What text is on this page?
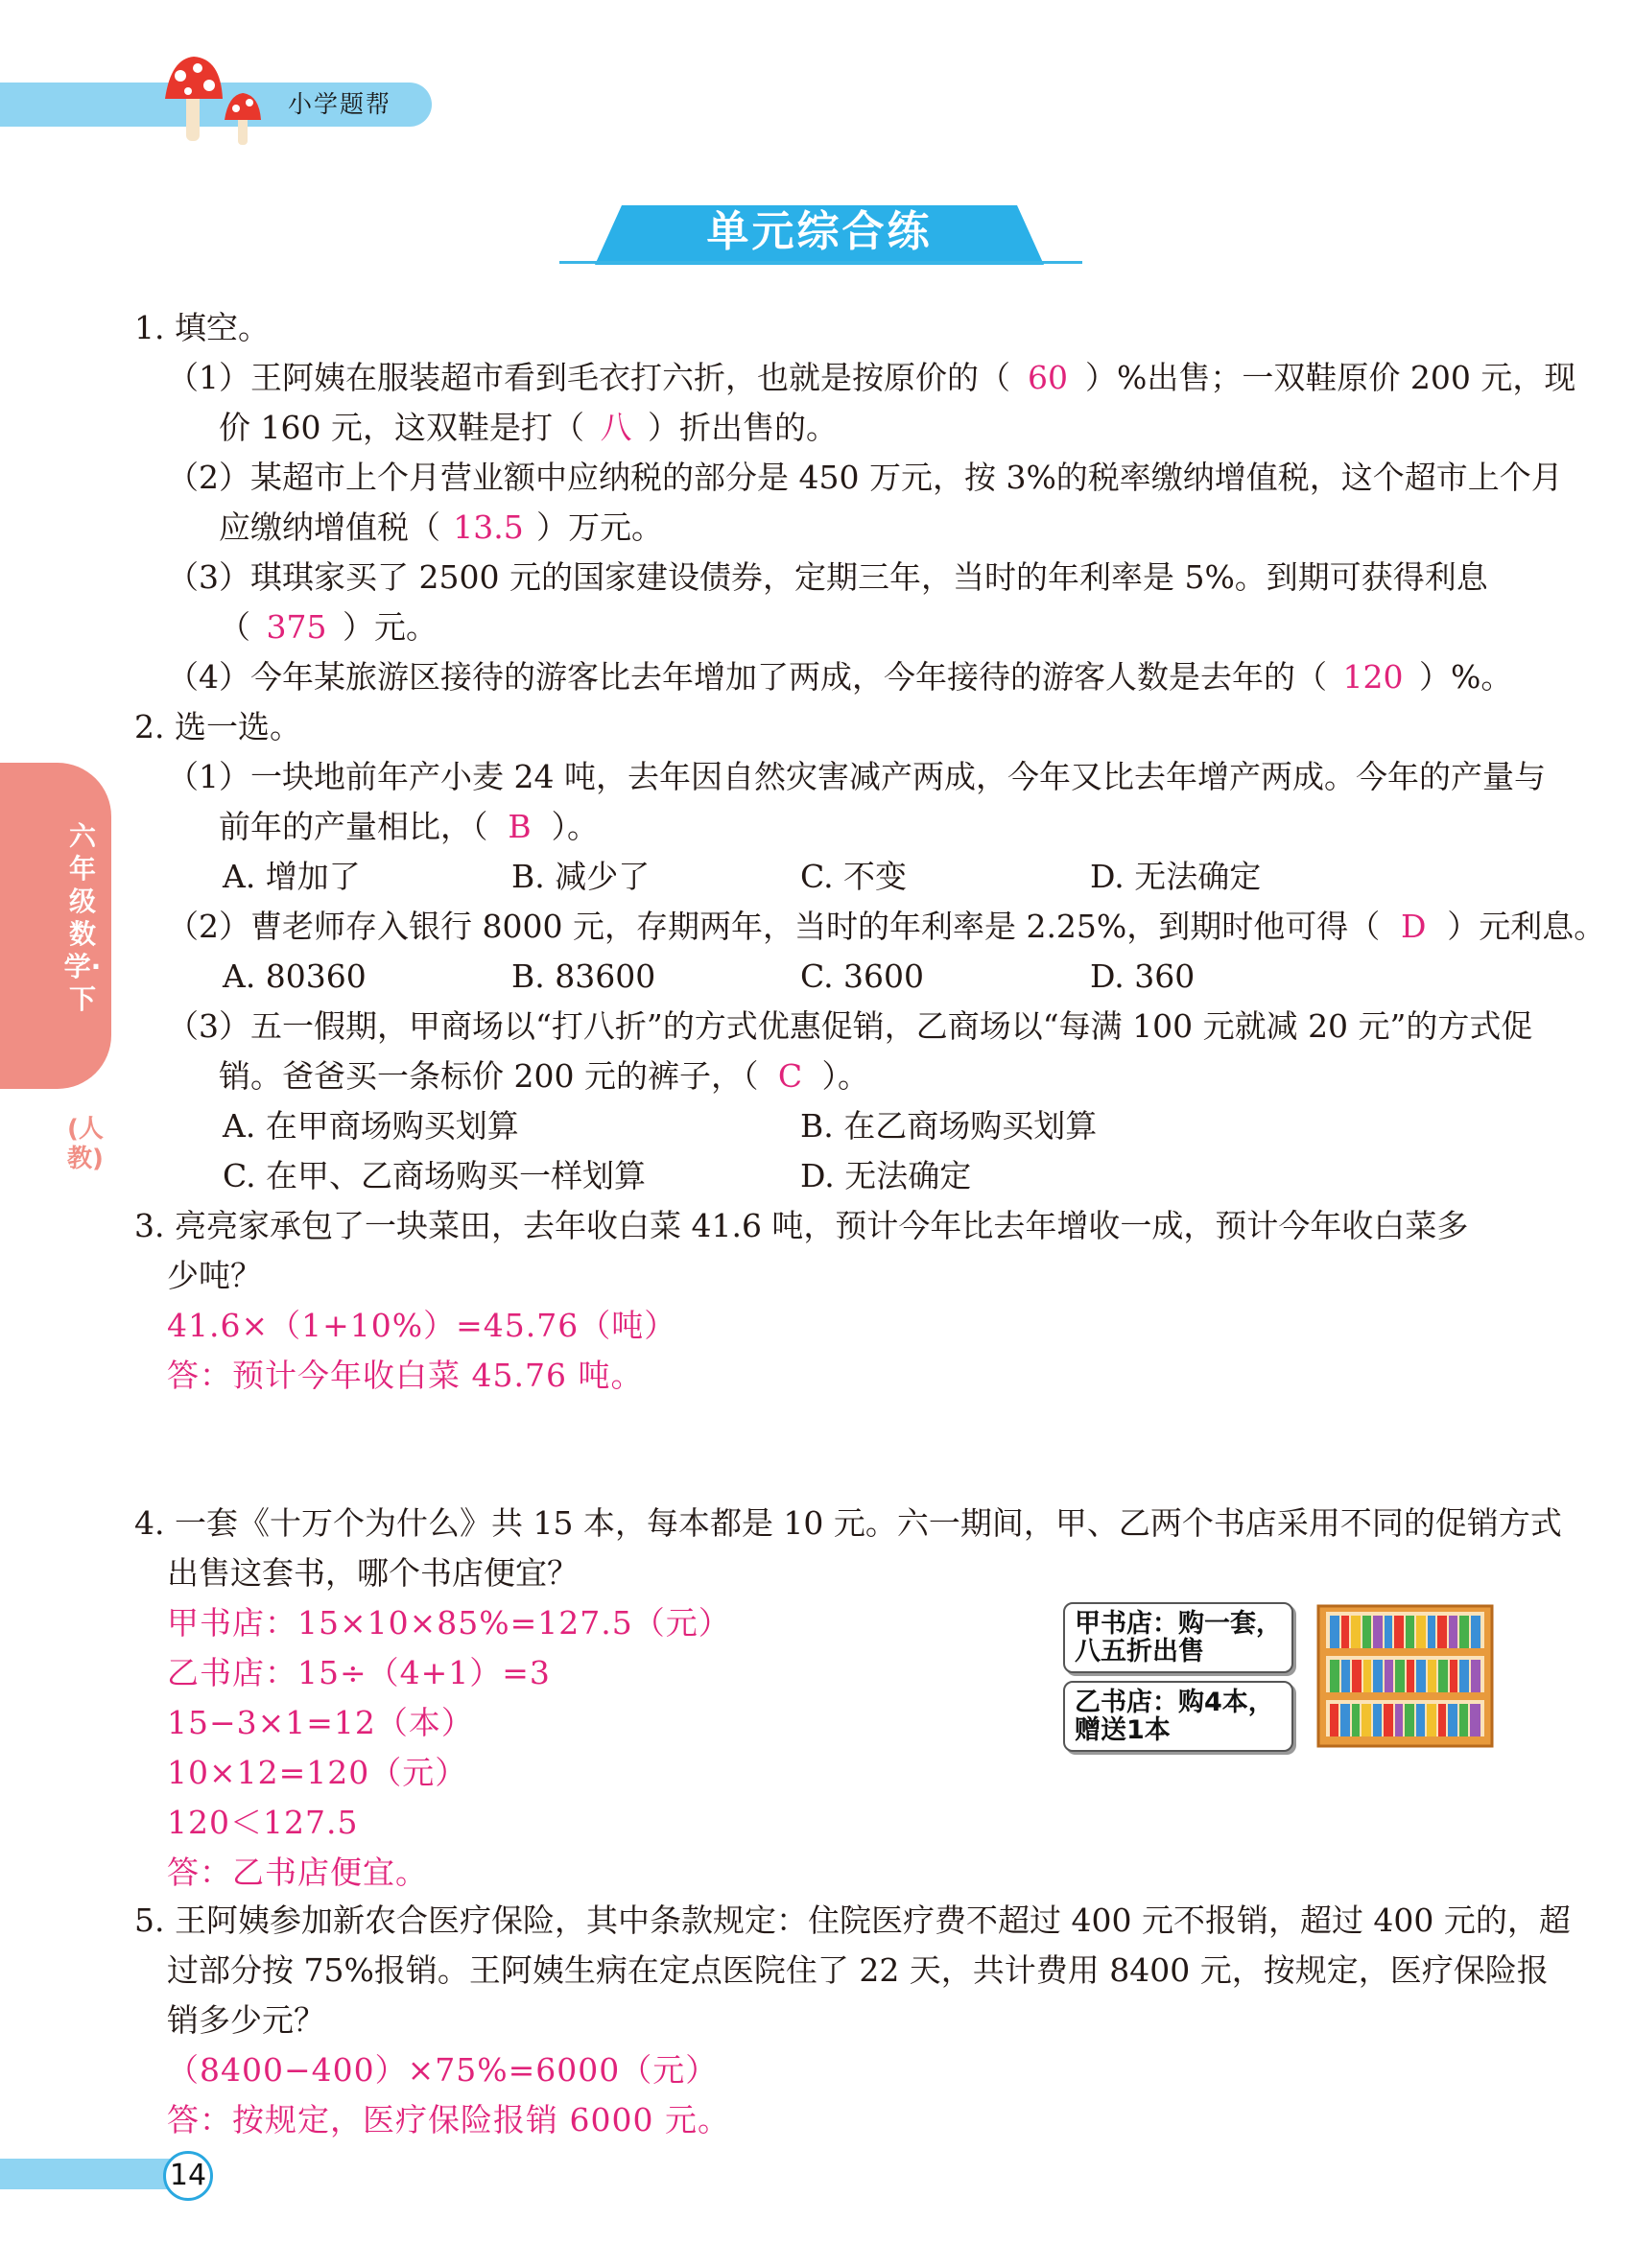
小学题帮
单元综合练
六年级数学·下
(人教)
1. 填空。
（1）王阿姨在服装超市看到毛衣打六折，也就是按原价的（ 60 ）%出售；一双鞋原价 200 元，现
价 160 元，这双鞋是打（ 八 ）折出售的。
（2）某超市上个月营业额中应纳税的部分是 450 万元，按 3%的税率缴纳增值税，这个超市上个月
应缴纳增值税（ 13.5 ）万元。
（3）琪琪家买了 2500 元的国家建设债券，定期三年，当时的年利率是 5%。到期可获得利息
（ 375 ）元。
（4）今年某旅游区接待的游客比去年增加了两成，今年接待的游客人数是去年的（ 120 ）%。
2. 选一选。
（1）一块地前年产小麦 24 吨，去年因自然灾害减产两成，今年又比去年增产两成。今年的产量与
前年的产量相比，（ B ）。
A. 增加了	B. 减少了	C. 不变	D. 无法确定
（2）曹老师存入银行 8000 元，存期两年，当时的年利率是 2.25%，到期时他可得（ D ）元利息。
A. 80360	B. 83600	C. 3600	D. 360
（3）五一假期，甲商场以“打八折”的方式优惠促销，乙商场以“每满 100 元就减 20 元”的方式促
销。爸爸买一条标价 200 元的裤子，（ C ）。
A. 在甲商场购买划算	B. 在乙商场购买划算
C. 在甲、乙商场购买一样划算	D. 无法确定
3. 亮亮家承包了一块菜田，去年收白菜 41.6 吨，预计今年比去年增收一成，预计今年收白菜多
少吨？
41.6×（1+10%）=45.76（吨）
答：预计今年收白菜 45.76 吨。
4. 一套《十万个为什么》共 15 本，每本都是 10 元。六一期间，甲、乙两个书店采用不同的促销方式
出售这套书，哪个书店便宜？
甲书店：15×10×85%=127.5（元）
乙书店：15÷（4+1）=3
15−3×1=12（本）
10×12=120（元）
120＜127.5
答：乙书店便宜。
甲书店：购一套，
八五折出售
乙书店：购4本，
赠送1本
5. 王阿姨参加新农合医疗保险，其中条款规定：住院医疗费不超过 400 元不报销，超过 400 元的，超
过部分按 75%报销。王阿姨生病在定点医院住了 22 天，共计费用 8400 元，按规定，医疗保险报
销多少元？
（8400−400）×75%=6000（元）
答：按规定，医疗保险报销 6000 元。
14
